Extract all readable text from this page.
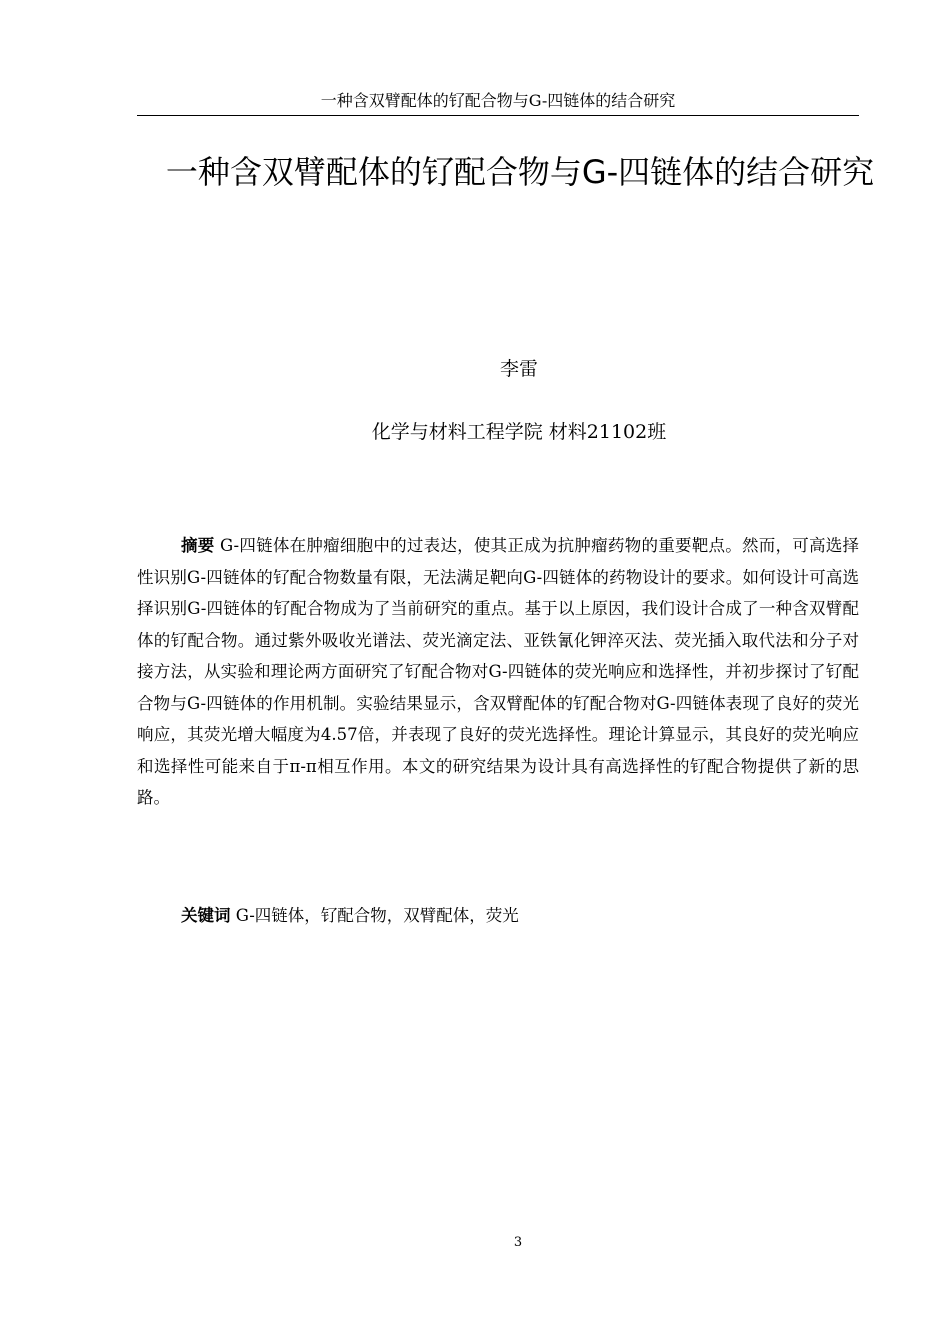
一种含双臂配体的钌配合物与G-四链体的结合研究
一种含双臂配体的钌配合物与G-四链体的结合研究
李雷
化学与材料工程学院 材料21102班

摘要 G-四链体在肿瘤细胞中的过表达，使其正成为抗肿瘤药物的重要靶点。然而，可高选择性识别G-四链体的钌配合物数量有限，无法满足靶向G-四链体的药物设计的要求。如何设计可高选择识别G-四链体的钌配合物成为了当前研究的重点。基于以上原因，我们设计合成了一种含双臂配体的钌配合物。通过紫外吸收光谱法、荧光滴定法、亚铁氰化钾淬灭法、荧光插入取代法和分子对接方法，从实验和理论两方面研究了钌配合物对G-四链体的荧光响应和选择性，并初步探讨了钌配合物与G-四链体的作用机制。实验结果显示，含双臂配体的钌配合物对G-四链体表现了良好的荧光响应，其荧光增大幅度为4.57倍，并表现了良好的荧光选择性。理论计算显示，其良好的荧光响应和选择性可能来自于π-π相互作用。本文的研究结果为设计具有高选择性的钌配合物提供了新的思路。

关键词 G-四链体，钌配合物，双臂配体，荧光

3
